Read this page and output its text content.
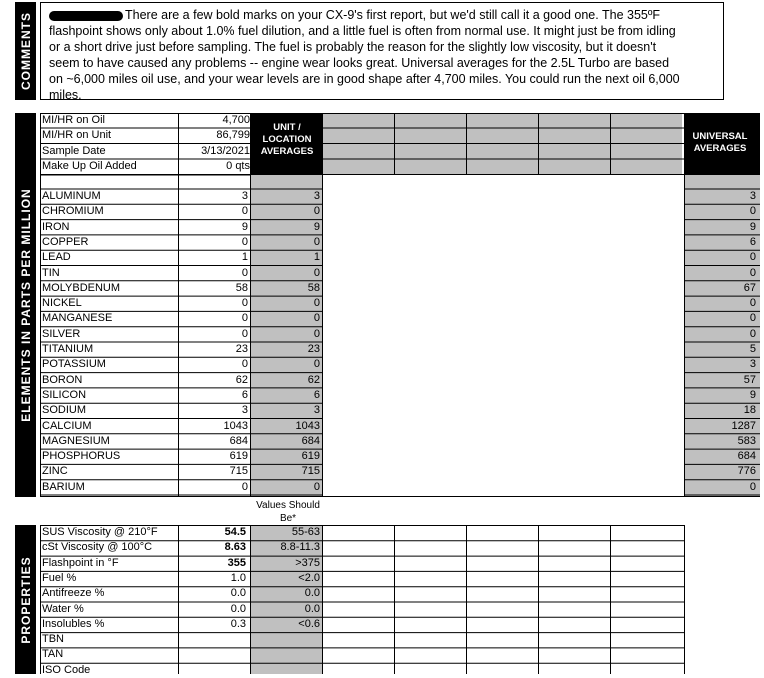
COMMENTS	There are a few bold marks on your CX-9's first report, but we'd still call it a good one. The 355ºF flashpoint shows only about 1.0% fuel dilution, and a little fuel is often from normal use. It might just be from idling or a short drive just before sampling. The fuel is probably the reason for the slightly low viscosity, but it doesn't seem to have caused any problems -- engine wear looks great. Universal averages for the 2.5L Turbo are based on ~6,000 miles oil use, and your wear levels are in good shape after 4,700 miles. You could run the next oil 6,000 miles.
ELEMENTS IN PARTS PER MILLION
MI/HR on Oil	4,700
MI/HR on Unit	86,799
Sample Date	3/13/2021
Make Up Oil Added	0 qts
ALUMINUM	3	3	3
CHROMIUM	0	0	0
IRON	9	9	9
COPPER	0	0	6
LEAD	1	1	0
TIN	0	0	0
MOLYBDENUM	58	58	67
NICKEL	0	0	0
MANGANESE	0	0	0
SILVER	0	0	0
TITANIUM	23	23	5
POTASSIUM	0	0	3
BORON	62	62	57
SILICON	6	6	9
SODIUM	3	3	18
CALCIUM	1043	1043	1287
MAGNESIUM	684	684	583
PHOSPHORUS	619	619	684
ZINC	715	715	776
BARIUM	0	0	0
UNIT / LOCATION AVERAGES
UNIVERSAL AVERAGES
Values Should Be*
PROPERTIES
SUS Viscosity @ 210°F	54.5	55-63
cSt Viscosity @ 100°C	8.63	8.8-11.3
Flashpoint in °F	355	>375
Fuel %	1.0	<2.0
Antifreeze %	0.0	0.0
Water %	0.0	0.0
Insolubles %	0.3	<0.6
TBN
TAN
ISO Code
